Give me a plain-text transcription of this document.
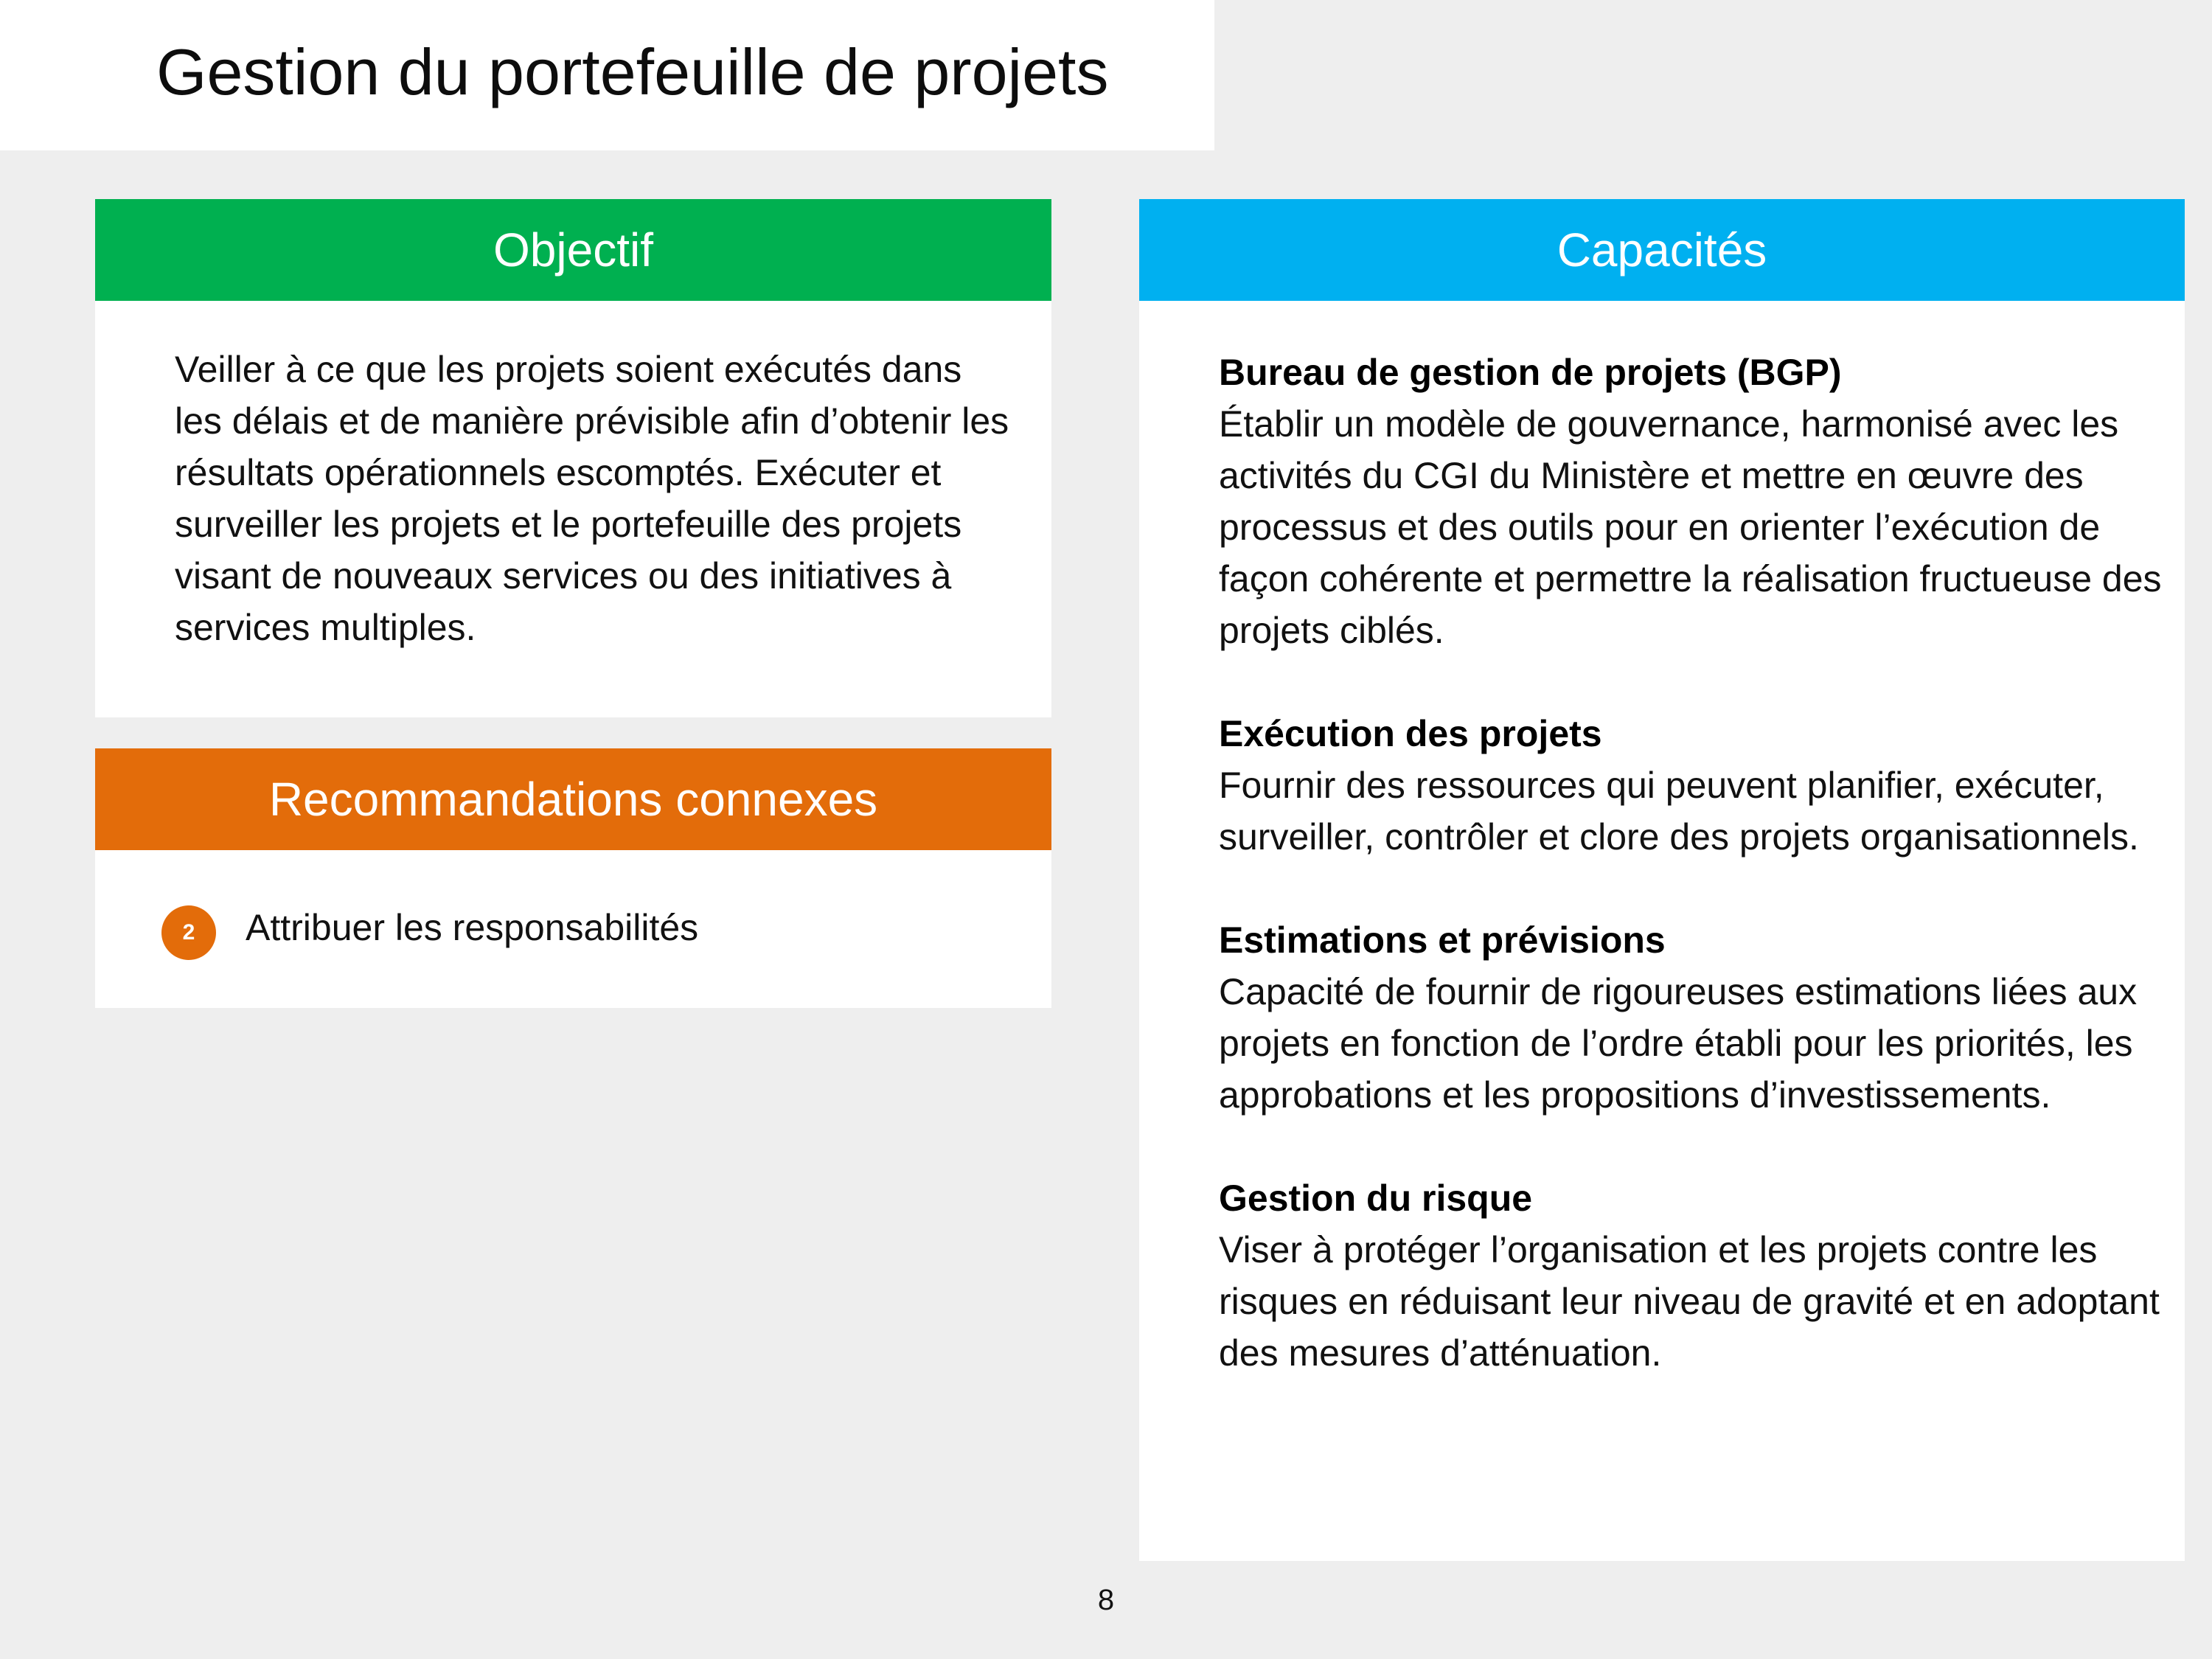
Gestion du portefeuille de projets
Objectif

Veiller à ce que les projets soient exécutés dans les délais et de manière prévisible afin d’obtenir les résultats opérationnels escomptés. Exécuter et surveiller les projets et le portefeuille des projets visant de nouveaux services ou des initiatives à services multiples.

Recommandations connexes
2	Attribuer les responsabilités

Capacités

Bureau de gestion de projets (BGP)

Établir un modèle de gouvernance, harmonisé avec les activités du CGI du Ministère et mettre en œuvre des processus et des outils pour en orienter l’exécution de façon cohérente et permettre la réalisation fructueuse des projets ciblés.

Exécution des projets

Fournir des ressources qui peuvent planifier, exécuter, surveiller, contrôler et clore des projets organisationnels.

Estimations et prévisions

Capacité de fournir de rigoureuses estimations liées aux projets en fonction de l’ordre établi pour les priorités, les approbations et les propositions d’investissements.

Gestion du risque

Viser à protéger l’organisation et les projets contre les risques en réduisant leur niveau de gravité et en adoptant des mesures d’atténuation.

8
